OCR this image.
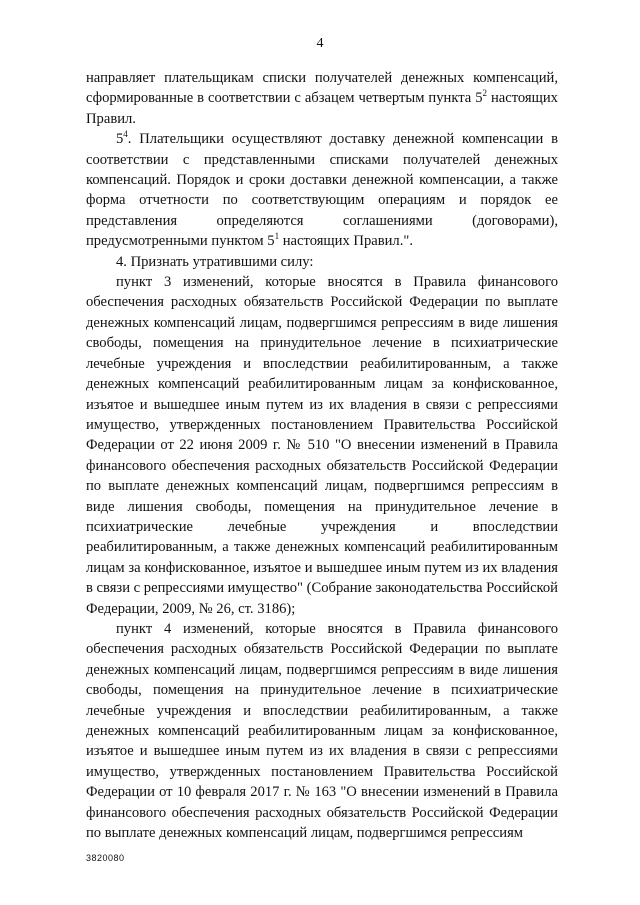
4

направляет плательщикам списки получателей денежных компенсаций, сформированные в соответствии с абзацем четвертым пункта $5^2$ настоящих Правил.

$5^4$. Плательщики осуществляют доставку денежной компенсации в соответствии с представленными списками получателей денежных компенсаций. Порядок и сроки доставки денежной компенсации, а также форма отчетности по соответствующим операциям и порядок ее представления определяются соглашениями (договорами), предусмотренными пунктом $5^1$ настоящих Правил.".

4. Признать утратившими силу:

пункт 3 изменений, которые вносятся в Правила финансового обеспечения расходных обязательств Российской Федерации по выплате денежных компенсаций лицам, подвергшимся репрессиям в виде лишения свободы, помещения на принудительное лечение в психиатрические лечебные учреждения и впоследствии реабилитированным, а также денежных компенсаций реабилитированным лицам за конфискованное, изъятое и вышедшее иным путем из их владения в связи с репрессиями имущество, утвержденных постановлением Правительства Российской Федерации от 22 июня 2009 г. № 510 "О внесении изменений в Правила финансового обеспечения расходных обязательств Российской Федерации по выплате денежных компенсаций лицам, подвергшимся репрессиям в виде лишения свободы, помещения на принудительное лечение в психиатрические лечебные учреждения и впоследствии реабилитированным, а также денежных компенсаций реабилитированным лицам за конфискованное, изъятое и вышедшее иным путем из их владения в связи с репрессиями имущество" (Собрание законодательства Российской Федерации, 2009, № 26, ст. 3186);

пункт 4 изменений, которые вносятся в Правила финансового обеспечения расходных обязательств Российской Федерации по выплате денежных компенсаций лицам, подвергшимся репрессиям в виде лишения свободы, помещения на принудительное лечение в психиатрические лечебные учреждения и впоследствии реабилитированным, а также денежных компенсаций реабилитированным лицам за конфискованное, изъятое и вышедшее иным путем из их владения в связи с репрессиями имущество, утвержденных постановлением Правительства Российской Федерации от 10 февраля 2017 г. № 163 "О внесении изменений в Правила финансового обеспечения расходных обязательств Российской Федерации по выплате денежных компенсаций лицам, подвергшимся репрессиям

3820080
